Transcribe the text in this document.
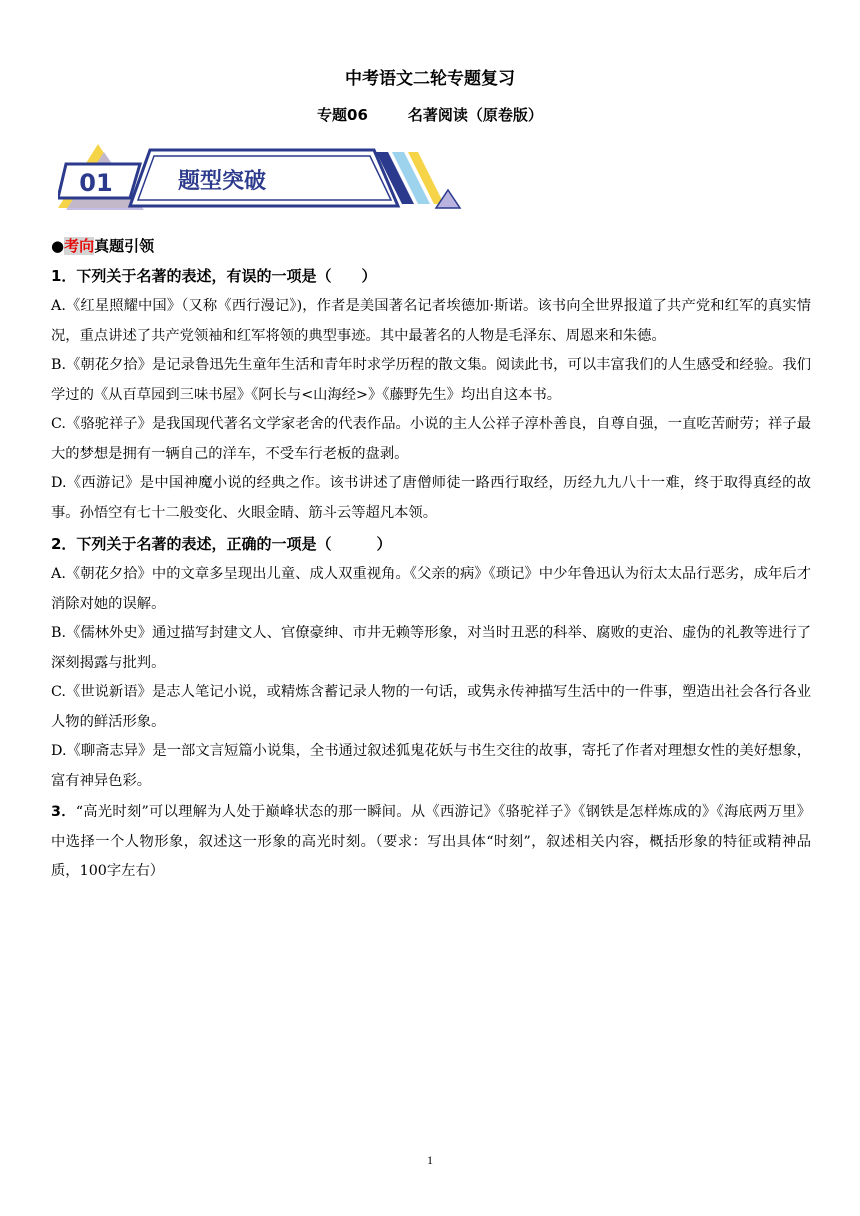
中考语文二轮专题复习
专题06	名著阅读（原卷版）
01	题型突破
●考向真题引领
1．下列关于名著的表述，有误的一项是（　　）

A.《红星照耀中国》（又称《西行漫记》)，作者是美国著名记者埃德加·斯诺。该书向全世界报道了共产党和红军的真实情况，重点讲述了共产党领袖和红军将领的典型事迹。其中最著名的人物是毛泽东、周恩来和朱德。

B.《朝花夕拾》是记录鲁迅先生童年生活和青年时求学历程的散文集。阅读此书，可以丰富我们的人生感受和经验。我们学过的《从百草园到三味书屋》《阿长与<山海经>》《藤野先生》均出自这本书。

C.《骆驼祥子》是我国现代著名文学家老舍的代表作品。小说的主人公祥子淳朴善良，自尊自强，一直吃苦耐劳；祥子最大的梦想是拥有一辆自己的洋车，不受车行老板的盘剥。

D.《西游记》是中国神魔小说的经典之作。该书讲述了唐僧师徒一路西行取经，历经九九八十一难，终于取得真经的故事。孙悟空有七十二般变化、火眼金睛、筋斗云等超凡本领。

2．下列关于名著的表述，正确的一项是（　　　）

A.《朝花夕拾》中的文章多呈现出儿童、成人双重视角。《父亲的病》《琐记》中少年鲁迅认为衍太太品行恶劣，成年后才消除对她的误解。

B.《儒林外史》通过描写封建文人、官僚豪绅、市井无赖等形象，对当时丑恶的科举、腐败的吏治、虚伪的礼教等进行了深刻揭露与批判。

C.《世说新语》是志人笔记小说，或精炼含蓄记录人物的一句话，或隽永传神描写生活中的一件事，塑造出社会各行各业人物的鲜活形象。

D.《聊斋志异》是一部文言短篇小说集，全书通过叙述狐鬼花妖与书生交往的故事，寄托了作者对理想女性的美好想象，富有神异色彩。

3．“高光时刻”可以理解为人处于巅峰状态的那一瞬间。从《西游记》《骆驼祥子》《钢铁是怎样炼成的》《海底两万里》中选择一个人物形象，叙述这一形象的高光时刻。（要求：写出具体“时刻”，叙述相关内容，概括形象的特征或精神品质，100字左右）

1
